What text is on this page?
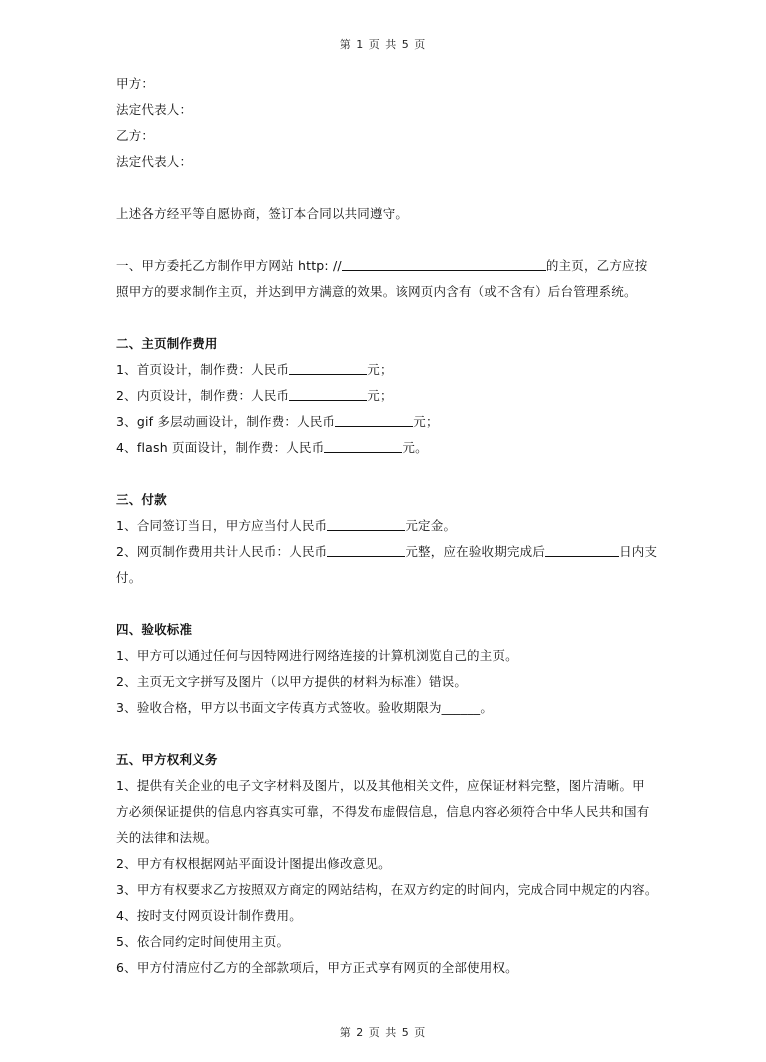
第 1 页 共 5 页
甲方：
法定代表人：
乙方：
法定代表人：
上述各方经平等自愿协商，签订本合同以共同遵守。
一、甲方委托乙方制作甲方网站 http: //	的主页，乙方应按
照甲方的要求制作主页，并达到甲方满意的效果。该网页内含有（或不含有）后台管理系统。
二、主页制作费用
1、首页设计，制作费：人民币	元；
2、内页设计，制作费：人民币	元；
3、gif 多层动画设计，制作费：人民币	元；
4、flash 页面设计，制作费：人民币	元。
三、付款
1、合同签订当日，甲方应当付人民币	元定金。
2、网页制作费用共计人民币：人民币	元整，应在验收期完成后	日内支
付。
四、验收标准
1、甲方可以通过任何与因特网进行网络连接的计算机浏览自己的主页。
2、主页无文字拼写及图片（以甲方提供的材料为标准）错误。
3、验收合格，甲方以书面文字传真方式签收。验收期限为______。
五、甲方权利义务
1、提供有关企业的电子文字材料及图片，以及其他相关文件，应保证材料完整，图片清晰。甲
方必须保证提供的信息内容真实可靠，不得发布虚假信息，信息内容必须符合中华人民共和国有
关的法律和法规。
2、甲方有权根据网站平面设计图提出修改意见。
3、甲方有权要求乙方按照双方商定的网站结构，在双方约定的时间内，完成合同中规定的内容。
4、按时支付网页设计制作费用。
5、依合同约定时间使用主页。
6、甲方付清应付乙方的全部款项后，甲方正式享有网页的全部使用权。
第 2 页 共 5 页
